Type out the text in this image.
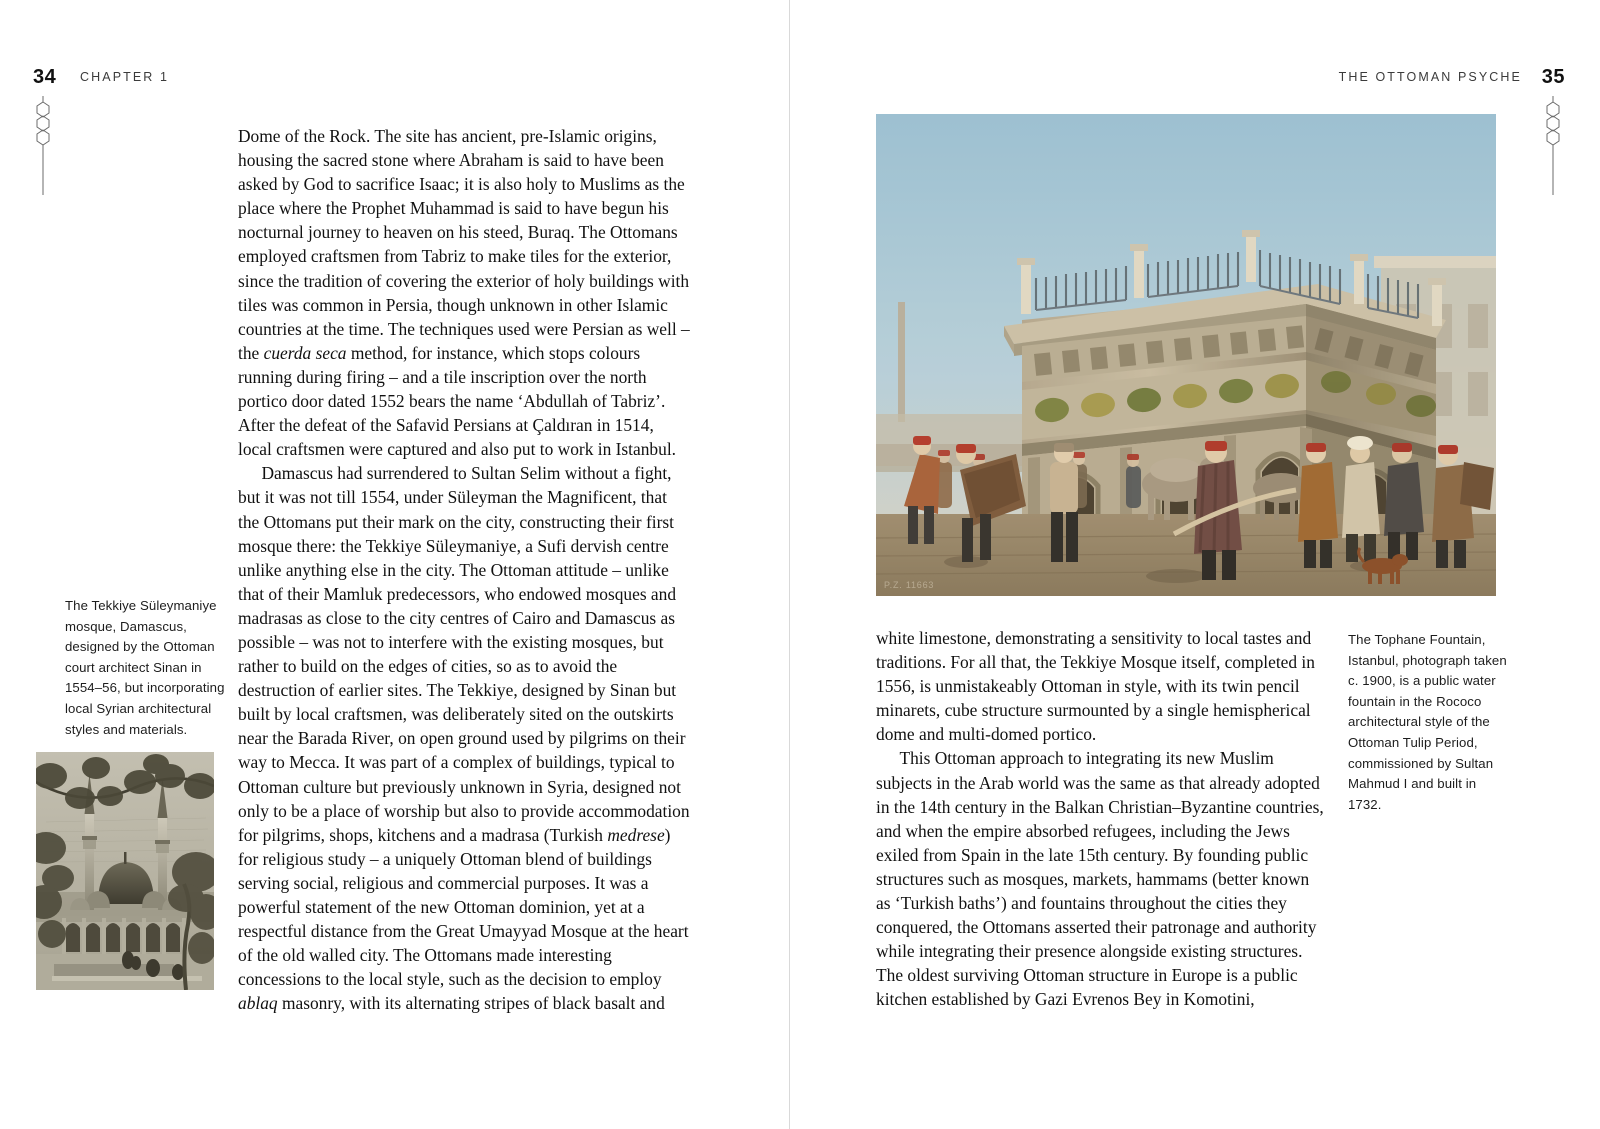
34 CHAPTER 1
The Tekkiye Süleymaniye mosque, Damascus, designed by the Ottoman court architect Sinan in 1554–56, but incorporating local Syrian architectural styles and materials.

Dome of the Rock. The site has ancient, pre-Islamic origins, housing the sacred stone where Abraham is said to have been asked by God to sacrifice Isaac; it is also holy to Muslims as the place where the Prophet Muhammad is said to have begun his nocturnal journey to heaven on his steed, Buraq. The Ottomans employed craftsmen from Tabriz to make tiles for the exterior, since the tradition of covering the exterior of holy buildings with tiles was common in Persia, though unknown in other Islamic countries at the time. The techniques used were Persian as well – the cuerda seca method, for instance, which stops colours running during firing – and a tile inscription over the north portico door dated 1552 bears the name ‘Abdullah of Tabriz’. After the defeat of the Safavid Persians at Çaldıran in 1514, local craftsmen were captured and also put to work in Istanbul.

Damascus had surrendered to Sultan Selim without a fight, but it was not till 1554, under Süleyman the Magnificent, that the Ottomans put their mark on the city, constructing their first mosque there: the Tekkiye Süleymaniye, a Sufi dervish centre unlike anything else in the city. The Ottoman attitude – unlike that of their Mamluk predecessors, who endowed mosques and madrasas as close to the city centres of Cairo and Damascus as possible – was not to interfere with the existing mosques, but rather to build on the edges of cities, so as to avoid the destruction of earlier sites. The Tekkiye, designed by Sinan but built by local craftsmen, was deliberately sited on the outskirts near the Barada River, on open ground used by pilgrims on their way to Mecca. It was part of a complex of buildings, typical to Ottoman culture but previously unknown in Syria, designed not only to be a place of worship but also to provide accommodation for pilgrims, shops, kitchens and a madrasa (Turkish medrese) for religious study – a uniquely Ottoman blend of buildings serving social, religious and commercial purposes. It was a powerful statement of the new Ottoman dominion, yet at a respectful distance from the Great Umayyad Mosque at the heart of the old walled city. The Ottomans made interesting concessions to the local style, such as the decision to employ ablaq masonry, with its alternating stripes of black basalt and

35
THE OTTOMAN PSYCHE
P.Z. 11663

white limestone, demonstrating a sensitivity to local tastes and traditions. For all that, the Tekkiye Mosque itself, completed in 1556, is unmistakeably Ottoman in style, with its twin pencil minarets, cube structure surmounted by a single hemispherical dome and multi-domed portico.

This Ottoman approach to integrating its new Muslim subjects in the Arab world was the same as that already adopted in the 14th century in the Balkan Christian–Byzantine countries, and when the empire absorbed refugees, including the Jews exiled from Spain in the late 15th century. By founding public structures such as mosques, markets, hammams (better known as ‘Turkish baths’) and fountains throughout the cities they conquered, the Ottomans asserted their patronage and authority while integrating their presence alongside existing structures. The oldest surviving Ottoman structure in Europe is a public kitchen established by Gazi Evrenos Bey in Komotini,

The Tophane Fountain, Istanbul, photograph taken c. 1900, is a public water fountain in the Rococo architectural style of the Ottoman Tulip Period, commissioned by Sultan Mahmud I and built in 1732.
